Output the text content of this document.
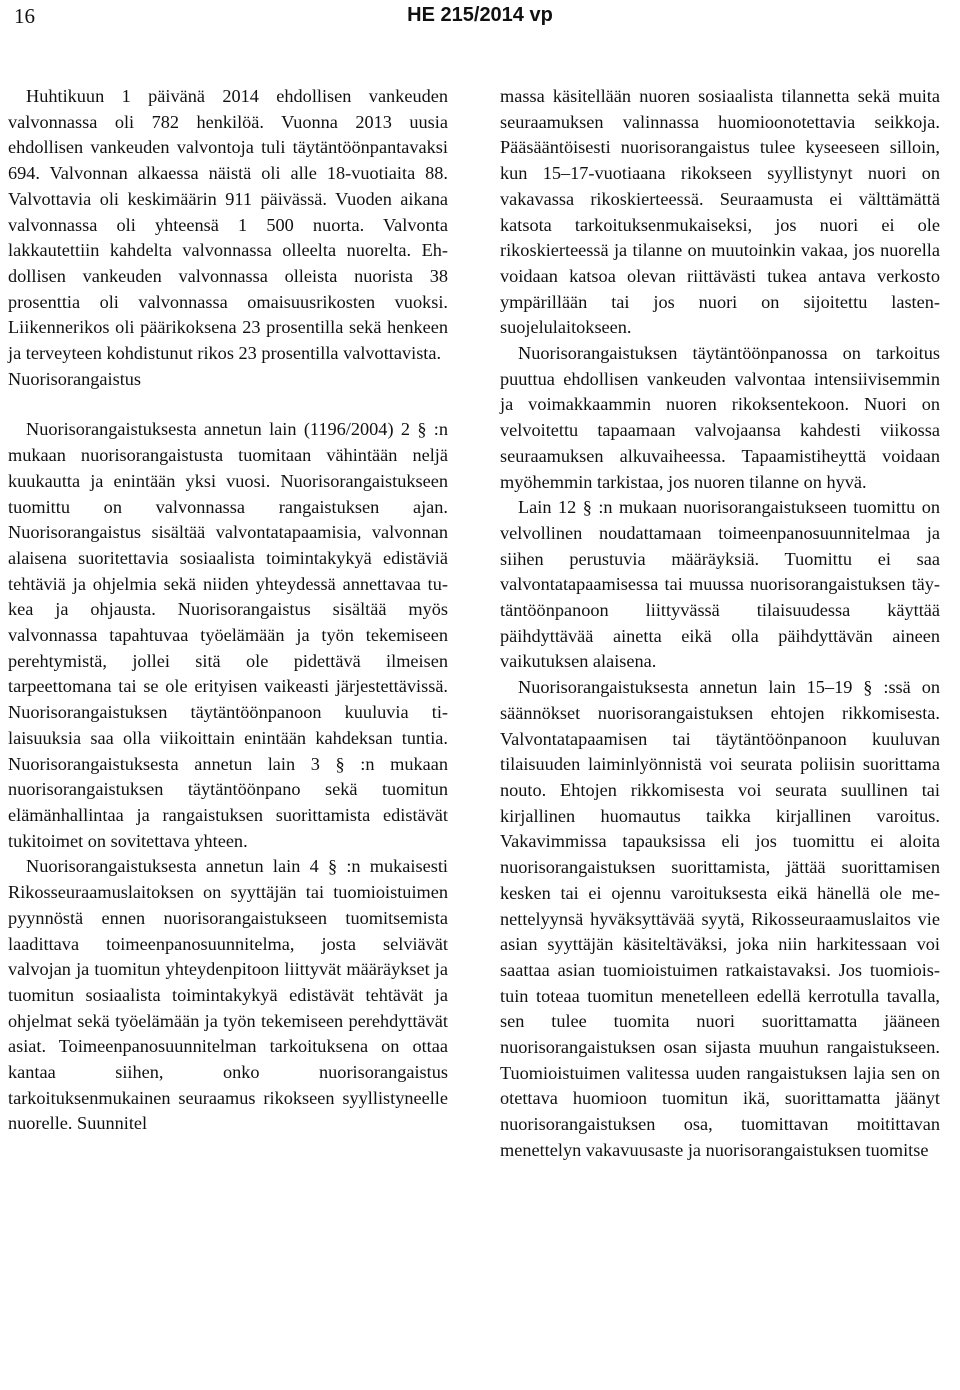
16	HE 215/2014 vp

Huhtikuun 1 päivänä 2014 ehdollisen vankeuden valvonnassa oli 782 henkilöä. Vuonna 2013 uusia ehdollisen vankeuden valvontoja tuli täytäntöönpantavaksi 694. Valvonnan alkaessa näistä oli alle 18-vuotiaita 88. Valvottavia oli keskimäärin 911 päivässä. Vuoden aikana valvonnassa oli yhteensä 1 500 nuorta. Valvonta lakkautettiin kahdelta valvonnassa olleelta nuorelta. Ehdollisen vankeuden valvonnassa olleista nuorista 38 prosenttia oli valvonnassa omaisuusrikosten vuoksi. Liikennerikos oli päärikoksena 23 prosentilla sekä henkeen ja terveyteen kohdistunut rikos 23 prosentilla valvottavista.

Nuorisorangaistus

Nuorisorangaistuksesta annetun lain (1196/2004) 2 § :n mukaan nuorisorangaistusta tuomitaan vähintään neljä kuukautta ja enintään yksi vuosi. Nuorisorangaistukseen tuomittu on valvonnassa rangaistuksen ajan. Nuorisorangaistus sisältää valvontatapaamisia, valvonnan alaisena suoritettavia sosiaalista toimintakykyä edistäviä tehtäviä ja ohjelmia sekä niiden yhteydessä annettavaa tukea ja ohjausta. Nuorisorangaistus sisältää myös valvonnassa tapahtuvaa työelämään ja työn tekemiseen perehtymistä, jollei sitä ole pidettävä ilmeisen tarpeettomana tai se ole erityisen vaikeasti järjestettävissä. Nuorisorangaistuksen täytäntöönpanoon kuuluvia tilaisuuksia saa olla viikoittain enintään kahdeksan tuntia. Nuorisorangaistuksesta annetun lain 3 § :n mukaan nuorisorangaistuksen täytäntöönpano sekä tuomitun elämänhallintaa ja rangaistuksen suorittamista edistävät tukitoimet on sovitettava yhteen.

Nuorisorangaistuksesta annetun lain 4 § :n mukaisesti Rikosseuraamuslaitoksen on syyttäjän tai tuomioistuimen pyynnöstä ennen nuorisorangaistukseen tuomitsemista laadittava toimeenpanosuunnitelma, josta selviävät valvojan ja tuomitun yhteydenpitoon liittyvät määräykset ja tuomitun sosiaalista toimintakykyä edistävät tehtävät ja ohjelmat sekä työelämään ja työn tekemiseen perehdyttävät asiat. Toimeenpanosuunnitelman tarkoituksena on ottaa kantaa siihen, onko nuorisorangaistus tarkoituksenmukainen seuraamus rikokseen syyllistyneelle nuorelle. Suunnitel

massa käsitellään nuoren sosiaalista tilannetta sekä muita seuraamuksen valinnassa huomioonotettavia seikkoja. Pääsääntöisesti nuorisorangaistus tulee kyseeseen silloin, kun 15–17-vuotiaana rikokseen syyllistynyt nuori on vakavassa rikoskierteessä. Seuraamusta ei välttämättä katsota tarkoituksenmukaiseksi, jos nuori ei ole rikoskierteessä ja tilanne on muutoinkin vakaa, jos nuorella voidaan katsoa olevan riittävästi tukea antava verkosto ympärillään tai jos nuori on sijoitettu lastensuojelulaitokseen.

Nuorisorangaistuksen täytäntöönpanossa on tarkoitus puuttua ehdollisen vankeuden valvontaa intensiivisemmin ja voimakkaammin nuoren rikoksentekoon. Nuori on velvoitettu tapaamaan valvojaansa kahdesti viikossa seuraamuksen alkuvaiheessa. Tapaamistiheyttä voidaan myöhemmin tarkistaa, jos nuoren tilanne on hyvä.

Lain 12 § :n mukaan nuorisorangaistukseen tuomittu on velvollinen noudattamaan toimeenpanosuunnitelmaa ja siihen perustuvia määräyksiä. Tuomittu ei saa valvontatapaamisessa tai muussa nuorisorangaistuksen täytäntöönpanoon liittyvässä tilaisuudessa käyttää päihdyttävää ainetta eikä olla päihdyttävän aineen vaikutuksen alaisena.

Nuorisorangaistuksesta annetun lain 15–19 § :ssä on säännökset nuorisorangaistuksen ehtojen rikkomisesta. Valvontatapaamisen tai täytäntöönpanoon kuuluvan tilaisuuden laiminlyönnistä voi seurata poliisin suorittama nouto. Ehtojen rikkomisesta voi seurata suullinen tai kirjallinen huomautus taikka kirjallinen varoitus. Vakavimmissa tapauksissa eli jos tuomittu ei aloita nuorisorangaistuksen suorittamista, jättää suorittamisen kesken tai ei ojennu varoituksesta eikä hänellä ole menettelyynsä hyväksyttävää syytä, Rikosseuraamuslaitos vie asian syyttäjän käsiteltäväksi, joka niin harkitessaan voi saattaa asian tuomioistuimen ratkaistavaksi. Jos tuomioistuin toteaa tuomitun menetelleen edellä kerrotulla tavalla, sen tulee tuomita nuori suorittamatta jääneen nuorisorangaistuksen osan sijasta muuhun rangaistukseen. Tuomioistuimen valitessa uuden rangaistuksen lajia sen on otettava huomioon tuomitun ikä, suorittamatta jäänyt nuorisorangaistuksen osa, tuomittavan moitittavan menettelyn vakavuusaste ja nuorisorangaistuksen tuomitse
